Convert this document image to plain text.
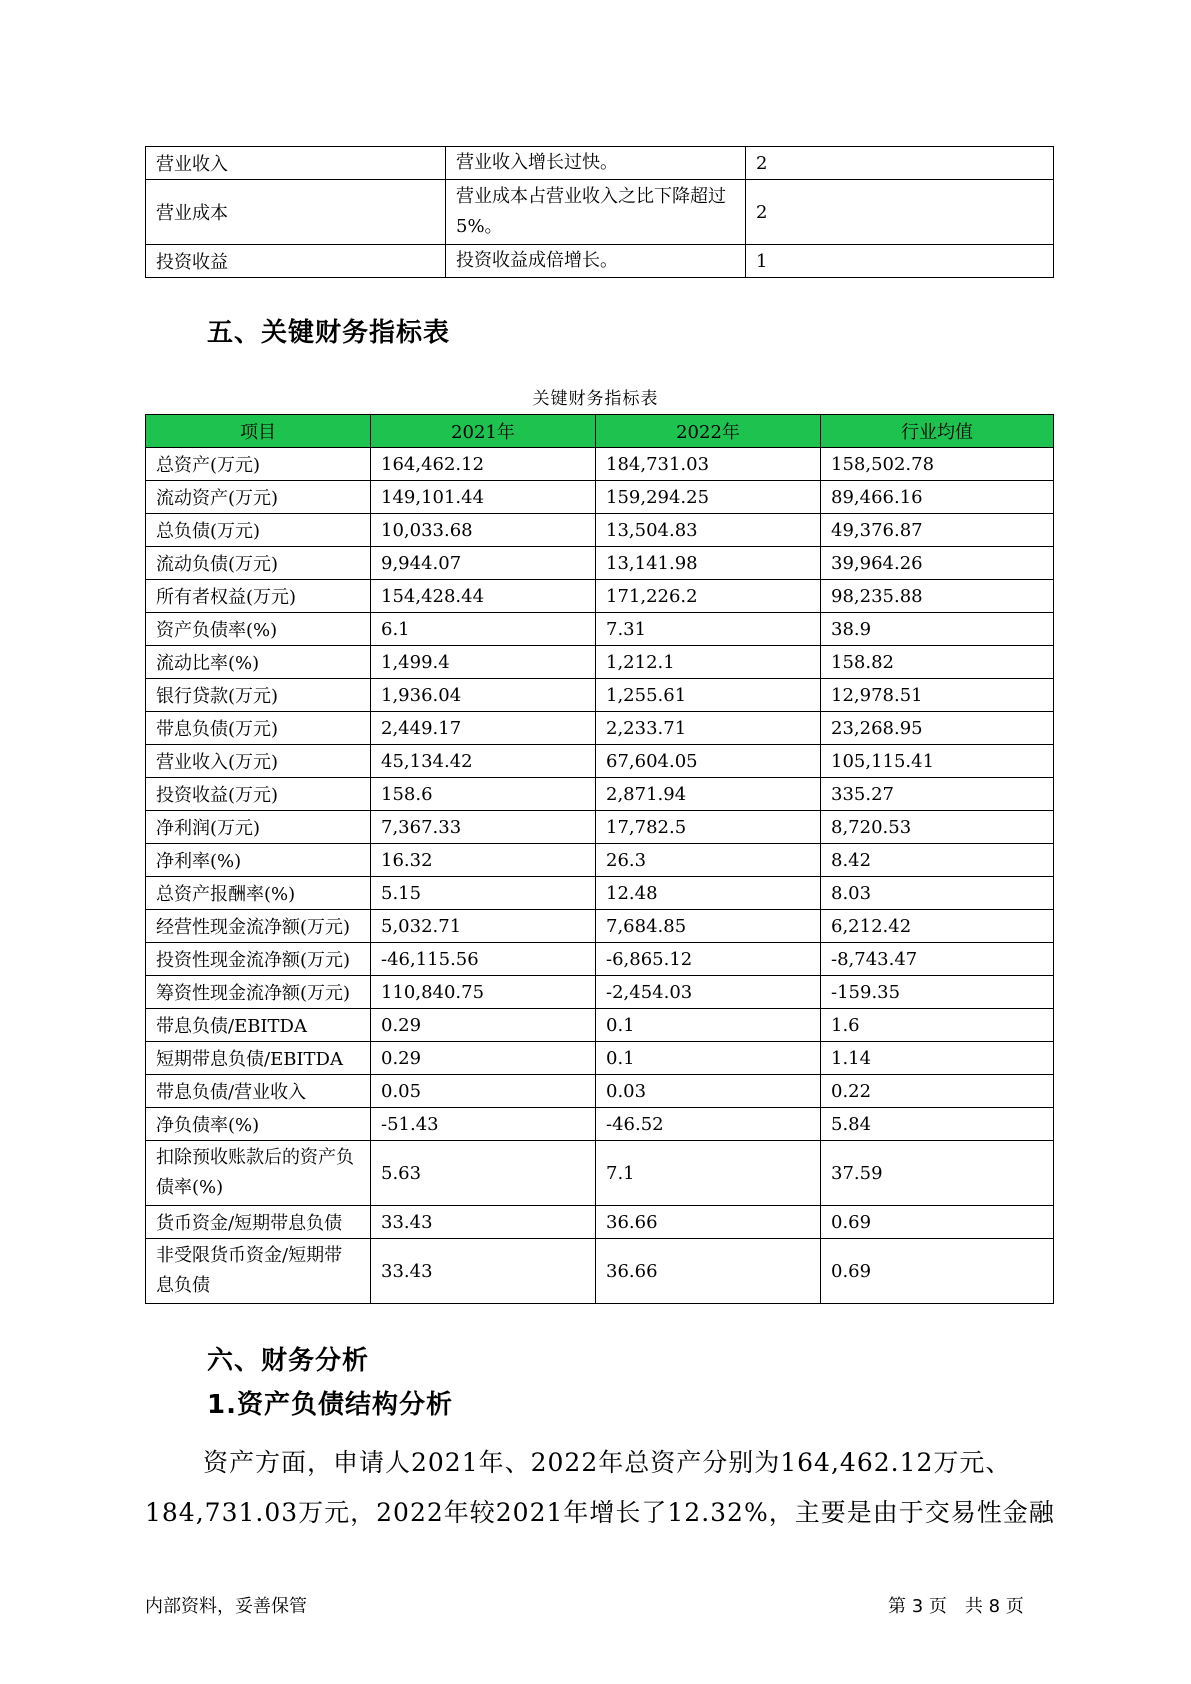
营业收入	营业收入增长过快。	2
营业成本	营业成本占营业收入之比下降超过5%。	2
投资收益	投资收益成倍增长。	1
五、关键财务指标表
关键财务指标表
项目	2021年	2022年	行业均值
总资产(万元)	164,462.12	184,731.03	158,502.78
流动资产(万元)	149,101.44	159,294.25	89,466.16
总负债(万元)	10,033.68	13,504.83	49,376.87
流动负债(万元)	9,944.07	13,141.98	39,964.26
所有者权益(万元)	154,428.44	171,226.2	98,235.88
资产负债率(%)	6.1	7.31	38.9
流动比率(%)	1,499.4	1,212.1	158.82
银行贷款(万元)	1,936.04	1,255.61	12,978.51
带息负债(万元)	2,449.17	2,233.71	23,268.95
营业收入(万元)	45,134.42	67,604.05	105,115.41
投资收益(万元)	158.6	2,871.94	335.27
净利润(万元)	7,367.33	17,782.5	8,720.53
净利率(%)	16.32	26.3	8.42
总资产报酬率(%)	5.15	12.48	8.03
经营性现金流净额(万元)	5,032.71	7,684.85	6,212.42
投资性现金流净额(万元)	-46,115.56	-6,865.12	-8,743.47
筹资性现金流净额(万元)	110,840.75	-2,454.03	-159.35
带息负债/EBITDA	0.29	0.1	1.6
短期带息负债/EBITDA	0.29	0.1	1.14
带息负债/营业收入	0.05	0.03	0.22
净负债率(%)	-51.43	-46.52	5.84
扣除预收账款后的资产负债率(%)	5.63	7.1	37.59
货币资金/短期带息负债	33.43	36.66	0.69
非受限货币资金/短期带息负债	33.43	36.66	0.69
六、财务分析
1.资产负债结构分析
资产方面，申请人2021年、2022年总资产分别为164,462.12万元、184,731.03万元，2022年较2021年增长了12.32%，主要是由于交易性金融
内部资料，妥善保管	第 3 页　共 8 页
